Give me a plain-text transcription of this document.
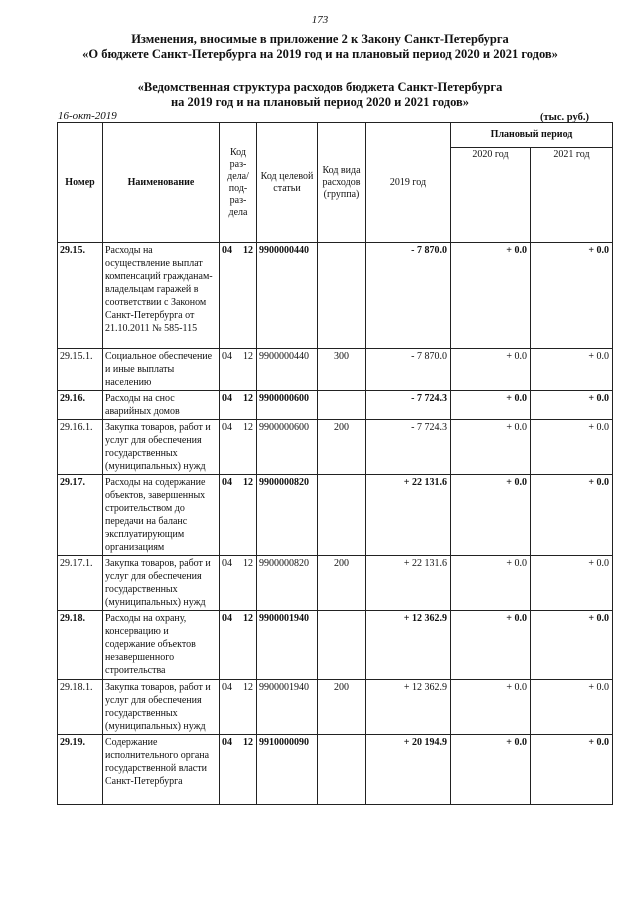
173
Изменения, вносимые в приложение 2 к Закону Санкт-Петербурга
«О бюджете Санкт-Петербурга на 2019 год и на плановый период 2020 и 2021 годов»
«Ведомственная структура расходов бюджета Санкт-Петербурга
на 2019 год и на плановый период 2020 и 2021 годов»
16-окт-2019	(тыс. руб.)
Номер	Наименование	Код раз-дела/ под-раз-дела	Код целевой статьи	Код вида расходов (группа)	2019 год	Плановый период	
						2020 год	2021 год
29.15.	Расходы на осуществление выплат компенсаций гражданам-владельцам гаражей в соответствии с Законом Санкт-Петербурга от 21.10.2011 № 585-115	04 12	9900000440		- 7 870.0	+ 0.0	+ 0.0
29.15.1.	Социальное обеспечение и иные выплаты населению	04 12	9900000440	300	- 7 870.0	+ 0.0	+ 0.0
29.16.	Расходы на снос аварийных домов	04 12	9900000600		- 7 724.3	+ 0.0	+ 0.0
29.16.1.	Закупка товаров, работ и услуг для обеспечения государственных (муниципальных) нужд	04 12	9900000600	200	- 7 724.3	+ 0.0	+ 0.0
29.17.	Расходы на содержание объектов, завершенных строительством до передачи на баланс эксплуатирующим организациям	04 12	9900000820		+ 22 131.6	+ 0.0	+ 0.0
29.17.1.	Закупка товаров, работ и услуг для обеспечения государственных (муниципальных) нужд	04 12	9900000820	200	+ 22 131.6	+ 0.0	+ 0.0
29.18.	Расходы на охрану, консервацию и содержание объектов незавершенного строительства	04 12	9900001940		+ 12 362.9	+ 0.0	+ 0.0
29.18.1.	Закупка товаров, работ и услуг для обеспечения государственных (муниципальных) нужд	04 12	9900001940	200	+ 12 362.9	+ 0.0	+ 0.0
29.19.	Содержание исполнительного органа государственной власти Санкт-Петербурга	04 12	9910000090		+ 20 194.9	+ 0.0	+ 0.0
